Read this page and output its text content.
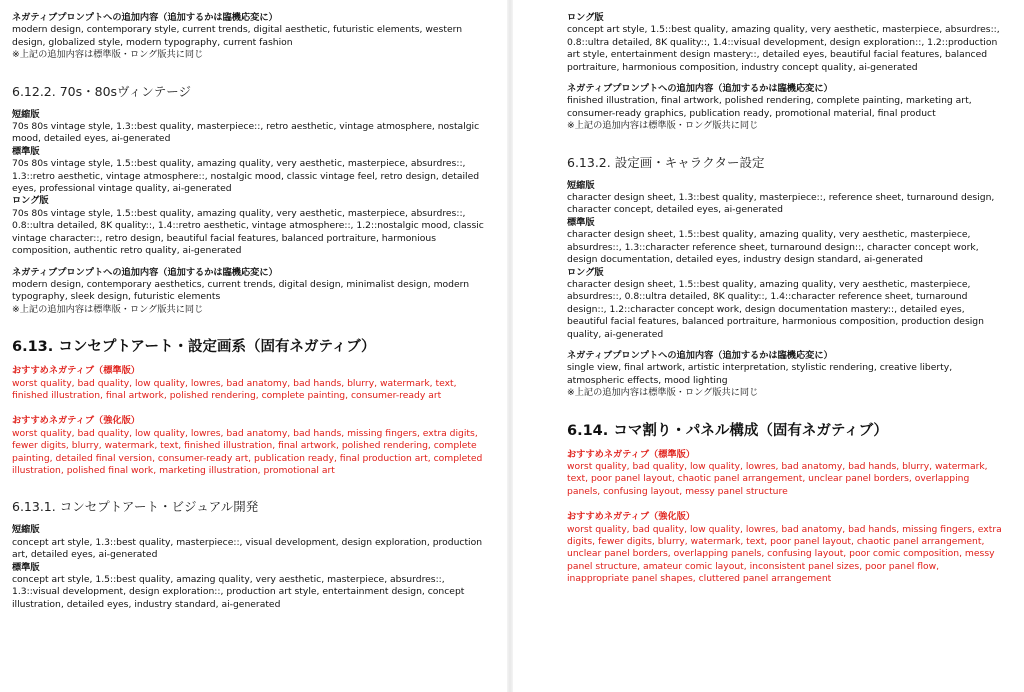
ネガティブプロンプトへの追加内容（追加するかは臨機応変に）

modern design, contemporary style, current trends, digital aesthetic, futuristic elements, western design, globalized style, modern typography, current fashion

※上記の追加内容は標準版・ロング版共に同じ

6.12.2. 70s・80sヴィンテージ

短縮版

70s 80s vintage style, 1.3::best quality, masterpiece::, retro aesthetic, vintage atmosphere, nostalgic mood, detailed eyes, ai-generated

標準版

70s 80s vintage style, 1.5::best quality, amazing quality, very aesthetic, masterpiece, absurdres::, 1.3::retro aesthetic, vintage atmosphere::, nostalgic mood, classic vintage feel, retro design, detailed eyes, professional vintage quality, ai-generated

ロング版

70s 80s vintage style, 1.5::best quality, amazing quality, very aesthetic, masterpiece, absurdres::, 0.8::ultra detailed, 8K quality::, 1.4::retro aesthetic, vintage atmosphere::, 1.2::nostalgic mood, classic vintage character::, retro design, beautiful facial features, balanced portraiture, harmonious composition, authentic retro quality, ai-generated

ネガティブプロンプトへの追加内容（追加するかは臨機応変に）

modern design, contemporary aesthetics, current trends, digital design, minimalist design, modern typography, sleek design, futuristic elements

※上記の追加内容は標準版・ロング版共に同じ

6.13. コンセプトアート・設定画系（固有ネガティブ）

おすすめネガティブ（標準版）

worst quality, bad quality, low quality, lowres, bad anatomy, bad hands, blurry, watermark, text, finished illustration, final artwork, polished rendering, complete painting, consumer-ready art

おすすめネガティブ（強化版）

worst quality, bad quality, low quality, lowres, bad anatomy, bad hands, missing fingers, extra digits, fewer digits, blurry, watermark, text, finished illustration, final artwork, polished rendering, complete painting, detailed final version, consumer-ready art, publication ready, final production art, completed illustration, polished final work, marketing illustration, promotional art

6.13.1. コンセプトアート・ビジュアル開発

短縮版

concept art style, 1.3::best quality, masterpiece::, visual development, design exploration, production art, detailed eyes, ai-generated

標準版

concept art style, 1.5::best quality, amazing quality, very aesthetic, masterpiece, absurdres::, 1.3::visual development, design exploration::, production art style, entertainment design, concept illustration, detailed eyes, industry standard, ai-generated

ロング版

concept art style, 1.5::best quality, amazing quality, very aesthetic, masterpiece, absurdres::, 0.8::ultra detailed, 8K quality::, 1.4::visual development, design exploration::, 1.2::production art style, entertainment design mastery::, detailed eyes, beautiful facial features, balanced portraiture, harmonious composition, industry concept quality, ai-generated

ネガティブプロンプトへの追加内容（追加するかは臨機応変に）

finished illustration, final artwork, polished rendering, complete painting, marketing art, consumer-ready graphics, publication ready, promotional material, final product

※上記の追加内容は標準版・ロング版共に同じ

6.13.2. 設定画・キャラクター設定

短縮版

character design sheet, 1.3::best quality, masterpiece::, reference sheet, turnaround design, character concept, detailed eyes, ai-generated

標準版

character design sheet, 1.5::best quality, amazing quality, very aesthetic, masterpiece, absurdres::, 1.3::character reference sheet, turnaround design::, character concept work, design documentation, detailed eyes, industry design standard, ai-generated

ロング版

character design sheet, 1.5::best quality, amazing quality, very aesthetic, masterpiece, absurdres::, 0.8::ultra detailed, 8K quality::, 1.4::character reference sheet, turnaround design::, 1.2::character concept work, design documentation mastery::, detailed eyes, beautiful facial features, balanced portraiture, harmonious composition, production design quality, ai-generated

ネガティブプロンプトへの追加内容（追加するかは臨機応変に）

single view, final artwork, artistic interpretation, stylistic rendering, creative liberty, atmospheric effects, mood lighting

※上記の追加内容は標準版・ロング版共に同じ

6.14. コマ割り・パネル構成（固有ネガティブ）

おすすめネガティブ（標準版）

worst quality, bad quality, low quality, lowres, bad anatomy, bad hands, blurry, watermark, text, poor panel layout, chaotic panel arrangement, unclear panel borders, overlapping panels, confusing layout, messy panel structure

おすすめネガティブ（強化版）

worst quality, bad quality, low quality, lowres, bad anatomy, bad hands, missing fingers, extra digits, fewer digits, blurry, watermark, text, poor panel layout, chaotic panel arrangement, unclear panel borders, overlapping panels, confusing layout, poor comic composition, messy panel structure, amateur comic layout, inconsistent panel sizes, poor panel flow, inappropriate panel shapes, cluttered panel arrangement
